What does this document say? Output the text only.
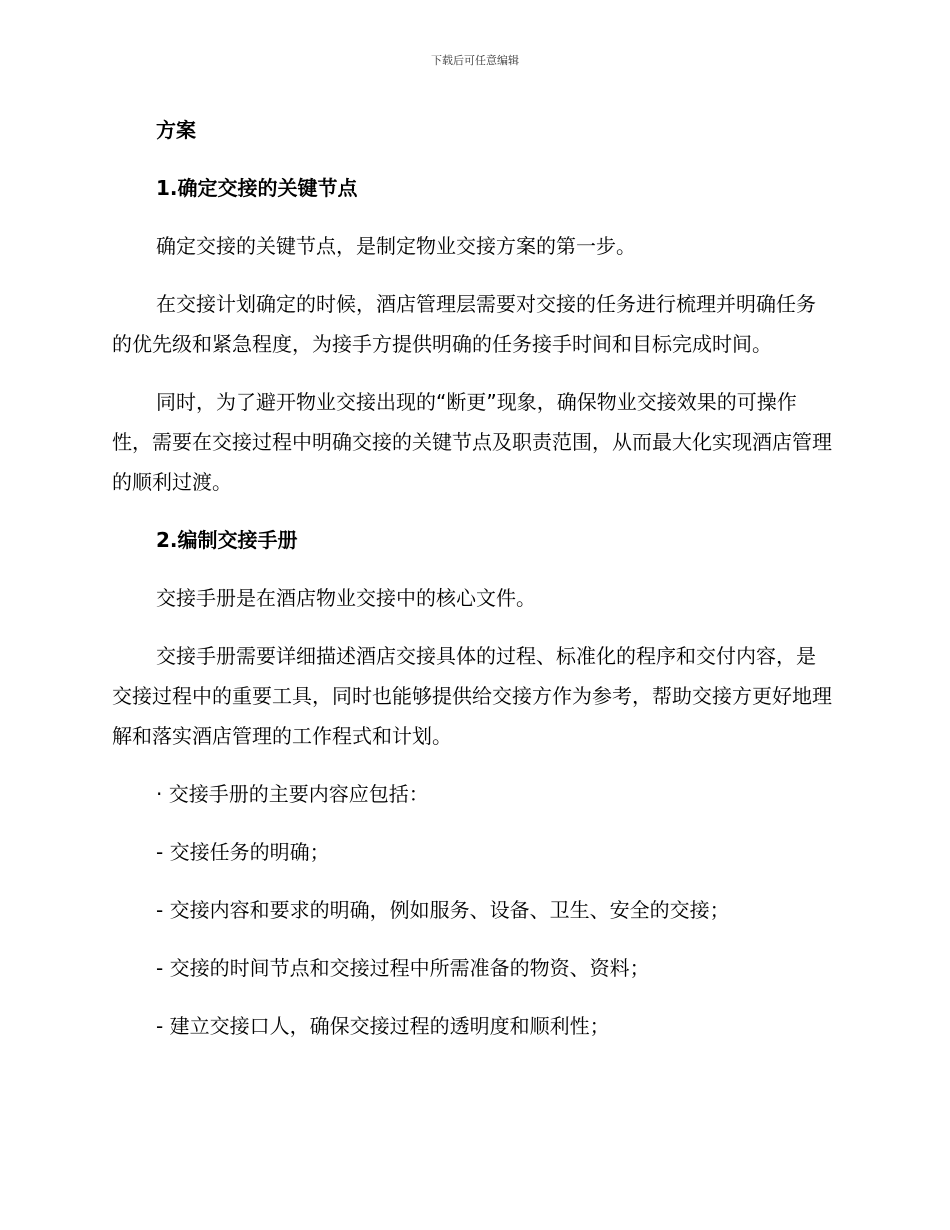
下载后可任意编辑

方案

1.确定交接的关键节点

确定交接的关键节点，是制定物业交接方案的第一步。

在交接计划确定的时候，酒店管理层需要对交接的任务进行梳理并明确任务的优先级和紧急程度，为接手方提供明确的任务接手时间和目标完成时间。

同时，为了避开物业交接出现的“断更”现象，确保物业交接效果的可操作性，需要在交接过程中明确交接的关键节点及职责范围，从而最大化实现酒店管理的顺利过渡。

2.编制交接手册

交接手册是在酒店物业交接中的核心文件。

交接手册需要详细描述酒店交接具体的过程、标准化的程序和交付内容，是交接过程中的重要工具，同时也能够提供给交接方作为参考，帮助交接方更好地理解和落实酒店管理的工作程式和计划。

· 交接手册的主要内容应包括：

- 交接任务的明确；

- 交接内容和要求的明确，例如服务、设备、卫生、安全的交接；

- 交接的时间节点和交接过程中所需准备的物资、资料；

- 建立交接口人，确保交接过程的透明度和顺利性；
